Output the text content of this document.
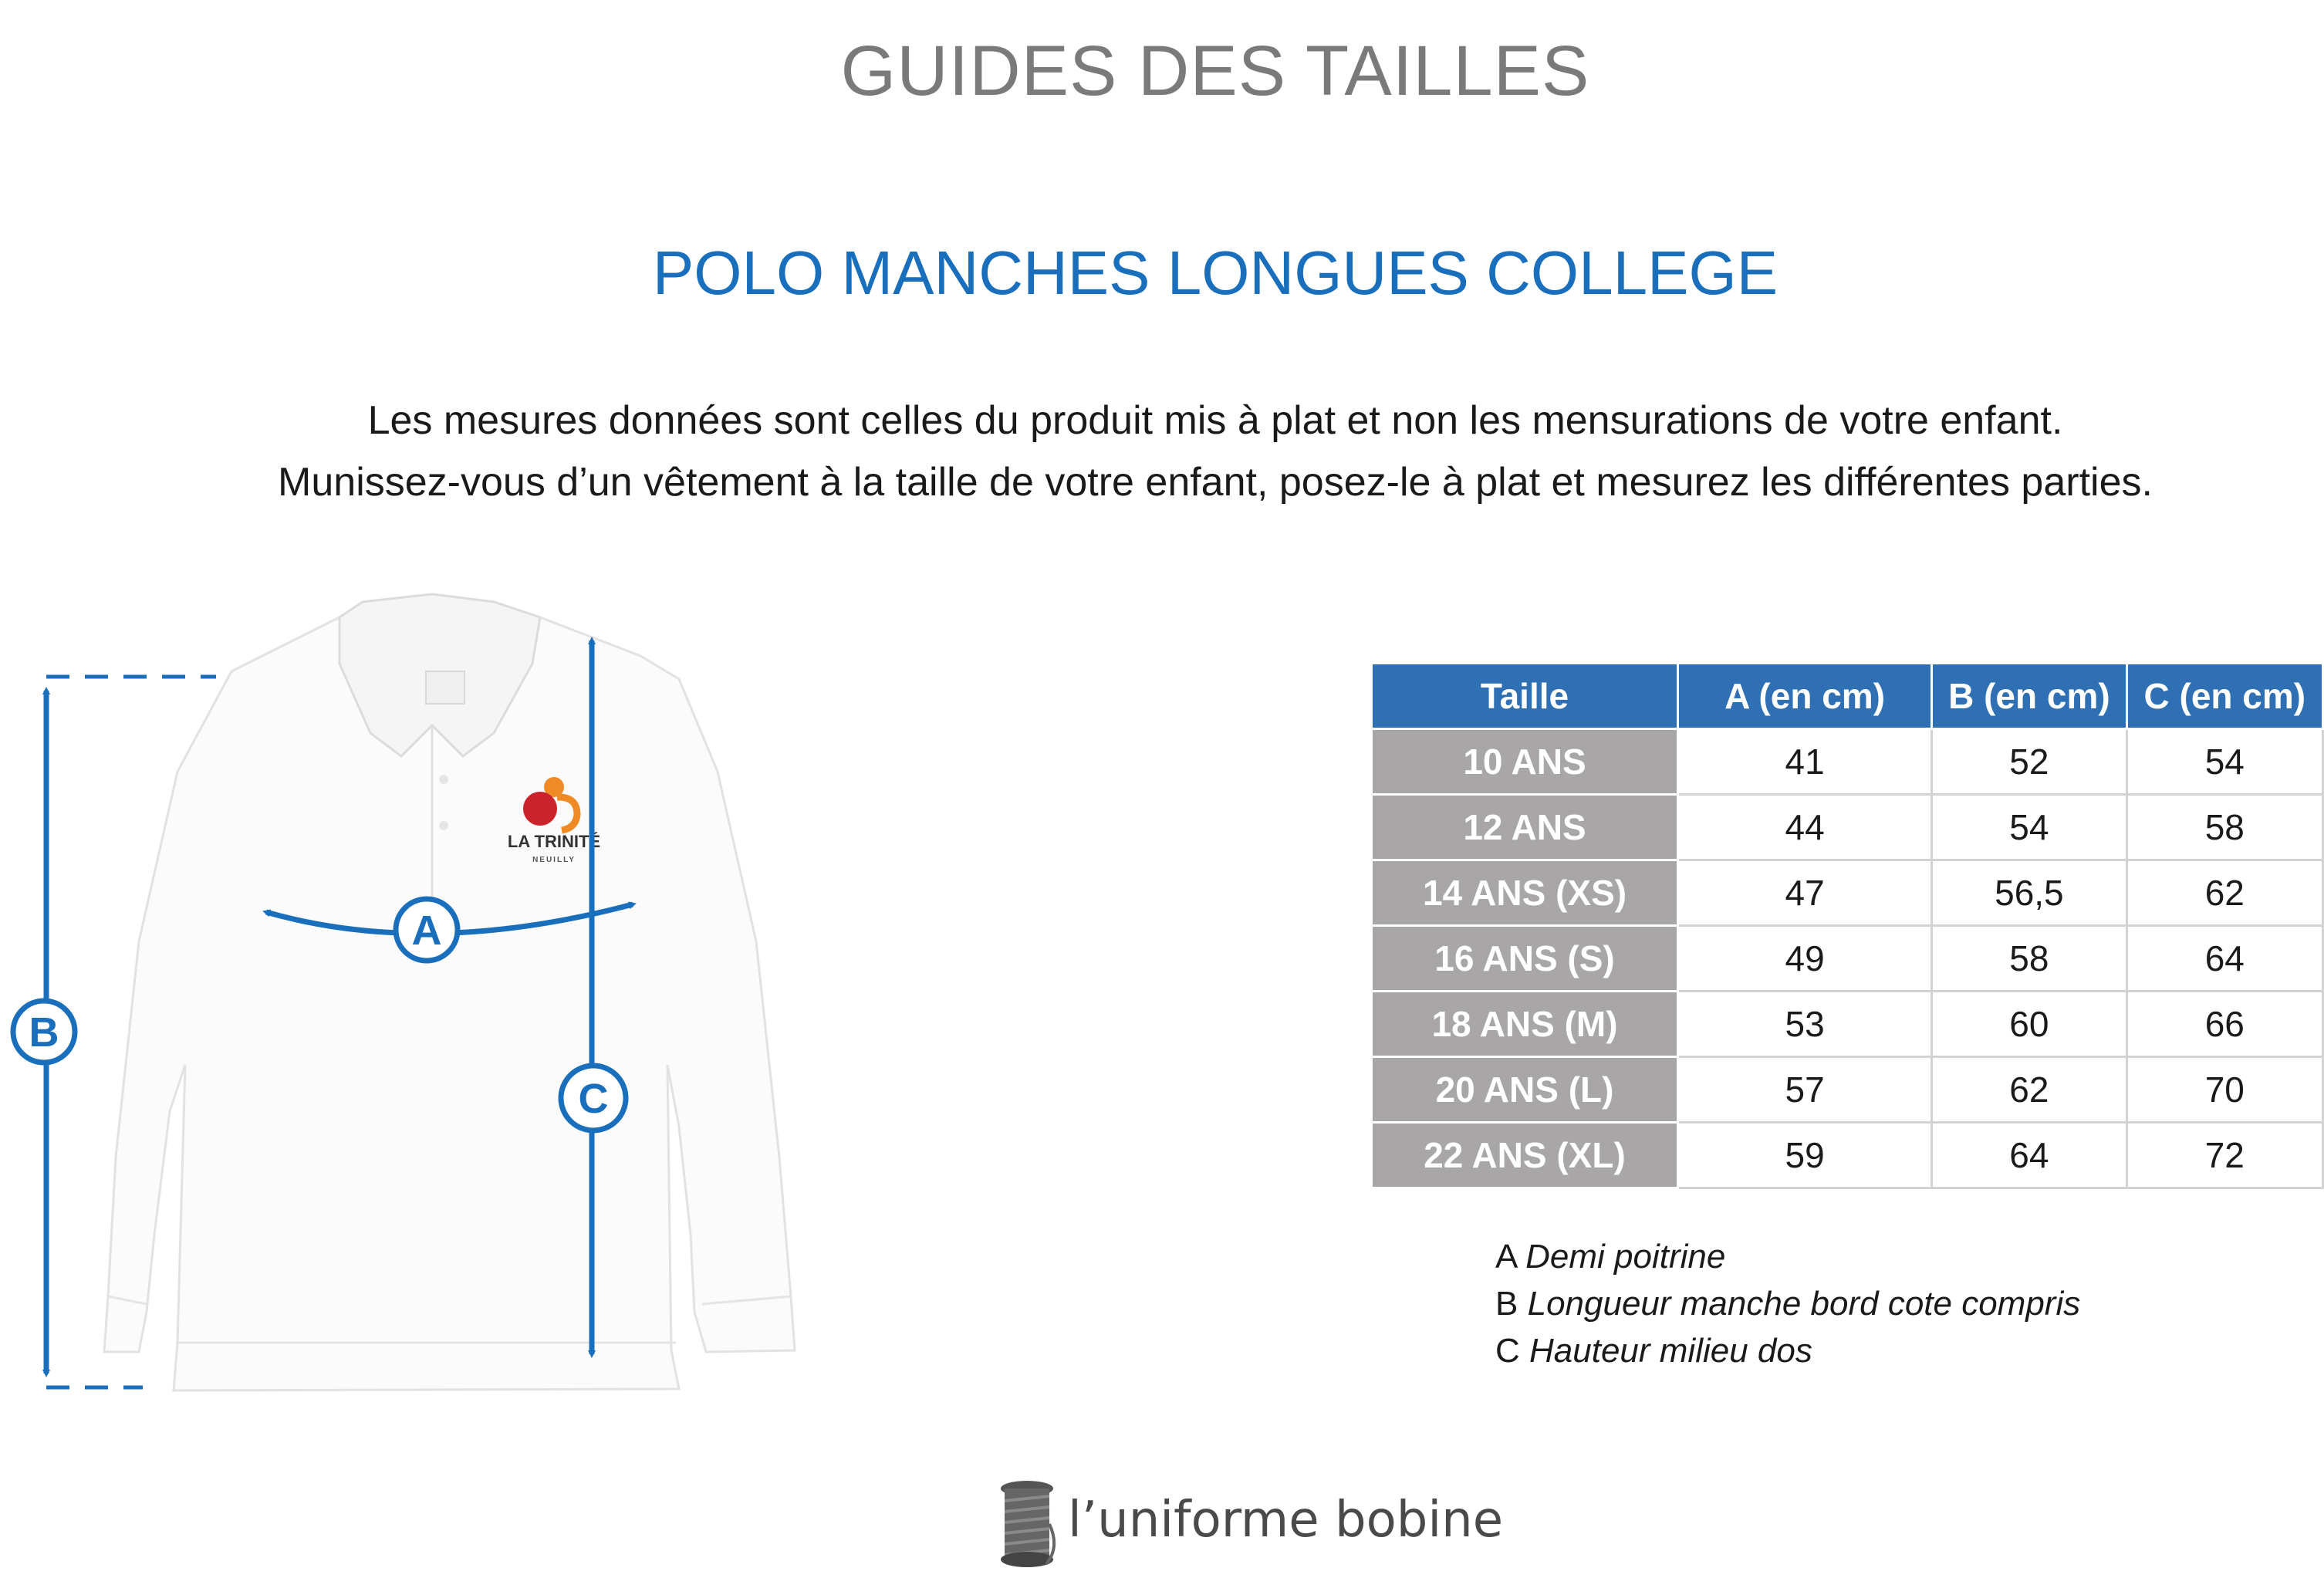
GUIDES DES TAILLES
POLO MANCHES LONGUES COLLEGE
Les mesures données sont celles du produit mis à plat et non les mensurations de votre enfant.
Munissez-vous d’un vêtement à la taille de votre enfant, posez-le à plat et mesurez les différentes parties.
LA TRINITÉ
NEUILLY
B
C
A
Taille	A (en cm)	B (en cm)	C (en cm)
10 ANS	41	52	54
12 ANS	44	54	58
14 ANS (XS)	47	56,5	62
16 ANS (S)	49	58	64
18 ANS (M)	53	60	66
20 ANS (L)	57	62	70
22 ANS (XL)	59	64	72
A Demi poitrine
B Longueur manche bord cote compris
C Hauteur milieu dos
l’uniforme bobine
